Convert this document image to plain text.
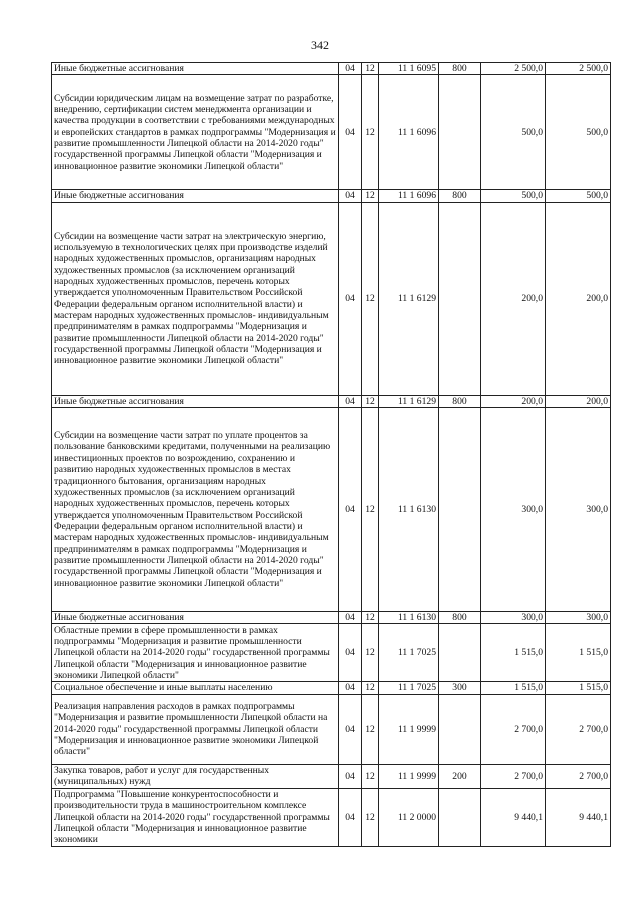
342
Иные бюджетные ассигнования	04	12	11 1 6095	800	2 500,0	2 500,0
Субсидии юридическим лицам на возмещение затрат по разработке, внедрению, сертификации систем менеджмента организации и качества продукции в соответствии с требованиями международных и европейских стандартов в рамках подпрограммы "Модернизация и развитие промышленности Липецкой области на 2014-2020 годы" государственной программы Липецкой области "Модернизация и инновационное развитие экономики Липецкой области"	04	12	11 1 6096		500,0	500,0
Иные бюджетные ассигнования	04	12	11 1 6096	800	500,0	500,0
Субсидии на возмещение части затрат на электрическую энергию, используемую в технологических целях при производстве изделий народных художественных промыслов, организациям народных художественных промыслов (за исключением организаций народных художественных промыслов, перечень которых утверждается уполномоченным Правительством Российской Федерации федеральным органом исполнительной власти) и мастерам народных художественных промыслов- индивидуальным предпринимателям в рамках подпрограммы "Модернизация и развитие промышленности Липецкой области на 2014-2020 годы" государственной программы Липецкой области "Модернизация и инновационное развитие экономики Липецкой области"	04	12	11 1 6129		200,0	200,0
Иные бюджетные ассигнования	04	12	11 1 6129	800	200,0	200,0
Субсидии на возмещение части затрат по уплате процентов за пользование банковскими кредитами, полученными на реализацию инвестиционных проектов по возрождению, сохранению и развитию народных художественных промыслов в местах традиционного бытования, организациям народных художественных промыслов (за исключением организаций народных художественных промыслов, перечень которых утверждается уполномоченным Правительством Российской Федерации федеральным органом исполнительной власти) и мастерам народных художественных промыслов- индивидуальным предпринимателям в рамках подпрограммы "Модернизация и развитие промышленности Липецкой области на 2014-2020 годы" государственной программы Липецкой области "Модернизация и инновационное развитие экономики Липецкой области"	04	12	11 1 6130		300,0	300,0
Иные бюджетные ассигнования	04	12	11 1 6130	800	300,0	300,0
Областные премии в сфере промышленности в рамках подпрограммы "Модернизация и развитие промышленности Липецкой области на 2014-2020 годы" государственной программы Липецкой области "Модернизация и инновационное развитие экономики Липецкой области"	04	12	11 1 7025		1 515,0	1 515,0
Социальное обеспечение и иные выплаты населению	04	12	11 1 7025	300	1 515,0	1 515,0
Реализация направления расходов в рамках подпрограммы "Модернизация и развитие промышленности Липецкой области на 2014-2020 годы" государственной программы Липецкой области "Модернизация и инновационное развитие экономики Липецкой области"	04	12	11 1 9999		2 700,0	2 700,0
Закупка товаров, работ и услуг для государственных (муниципальных) нужд	04	12	11 1 9999	200	2 700,0	2 700,0
Подпрограмма "Повышение конкурентоспособности и производительности труда в машиностроительном комплексе Липецкой области на 2014-2020 годы" государственной программы Липецкой области "Модернизация и инновационное развитие экономики	04	12	11 2 0000		9 440,1	9 440,1
